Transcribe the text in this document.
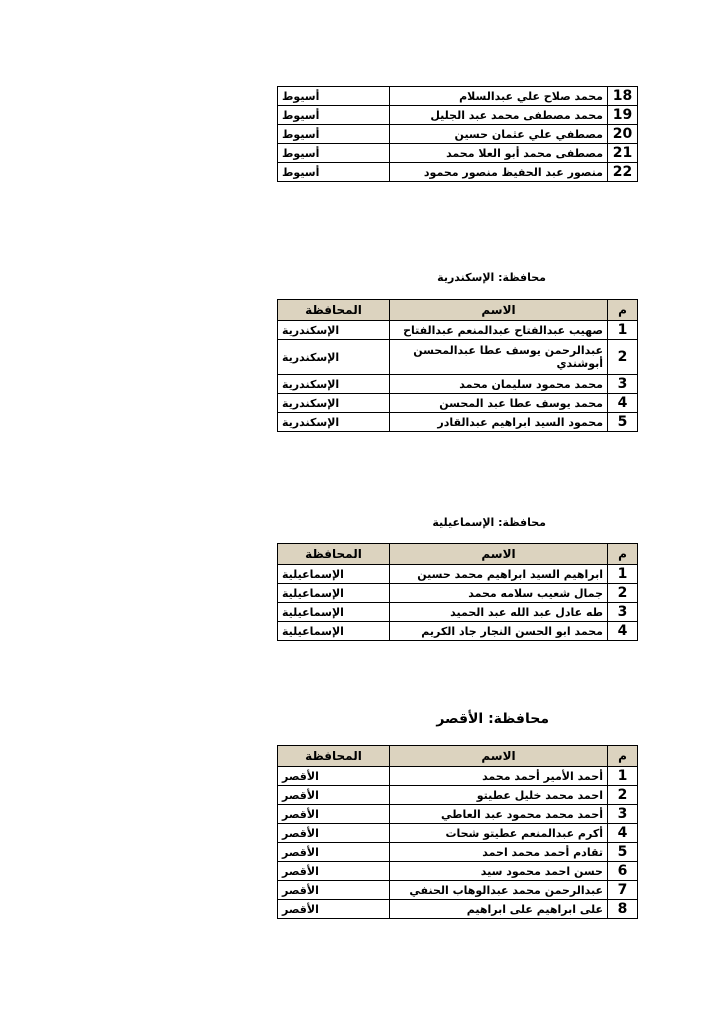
18	محمد صلاح علي عبدالسلام	أسيوط
19	محمد مصطفى محمد عبد الجليل	أسيوط
20	مصطفي علي عثمان حسين	أسيوط
21	مصطفى محمد أبو العلا محمد	أسيوط
22	منصور عبد الحفيظ منصور محمود	أسيوط
محافظة: الإسكندرية
م	الاسم	المحافظة
1	صهيب عبدالفتاح عبدالمنعم عبدالفتاح	الإسكندرية
2	عبدالرحمن يوسف عطا عبدالمحسن أبوشندي	الإسكندرية
3	محمد محمود سليمان محمد	الإسكندرية
4	محمد يوسف عطا عبد المحسن	الإسكندرية
5	محمود السيد ابراهيم عبدالقادر	الإسكندرية
محافظة: الإسماعيلية
م	الاسم	المحافظة
1	ابراهيم السيد ابراهيم محمد حسين	الإسماعيلية
2	جمال شعيب سلامه محمد	الإسماعيلية
3	طه عادل عبد الله عبد الحميد	الإسماعيلية
4	محمد ابو الحسن النجار جاد الكريم	الإسماعيلية
محافظة: الأقصر
م	الاسم	المحافظة
1	أحمد الأمير أحمد محمد	الأقصر
2	احمد محمد خليل عطيتو	الأقصر
3	أحمد محمد محمود عبد العاطي	الأقصر
4	أكرم عبدالمنعم عطيتو شحات	الأقصر
5	تقادم أحمد محمد احمد	الأقصر
6	حسن احمد محمود سيد	الأقصر
7	عبدالرحمن محمد عبدالوهاب الحنفي	الأقصر
8	على ابراهيم على ابراهيم	الأقصر
